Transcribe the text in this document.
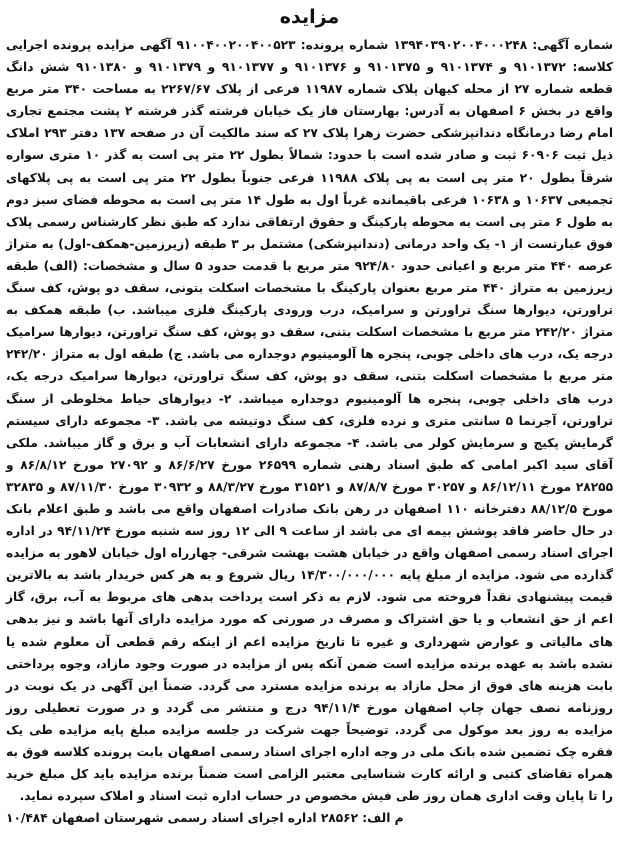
مزایده
شماره آگهی: ۱۳۹۴۰۳۹۰۲۰۰۴۰۰۰۲۴۸ شماره پرونده: ۹۱۰۰۴۰۰۲۰۰۴۰۰۵۲۳ آگهی مزایده پرونده اجرایی کلاسه: ۹۱۰۱۳۷۲ و ۹۱۰۱۳۷۴ و ۹۱۰۱۳۷۵ و ۹۱۰۱۳۷۶ و ۹۱۰۱۳۷۷ و ۹۱۰۱۳۷۹ و ۹۱۰۱۳۸۰ شش دانگ قطعه شماره ۲۷ از محله کیهان پلاک شماره ۱۱۹۸۷ فرعی از پلاک ۲۲۶۷/۶۷ به مساحت ۳۴۰ متر مربع واقع در بخش ۶ اصفهان به آدرس: بهارستان فاز یک خیابان فرشته گذر فرشته ۲ پشت مجتمع تجاری امام رضا درمانگاه دندانپزشکی حضرت زهرا پلاک ۲۷ که سند مالکیت آن در صفحه ۱۳۷ دفتر ۲۹۳ املاک ذیل ثبت ۶۰۹۰۶ ثبت و صادر شده است با حدود: شمالاً بطول ۲۲ متر پی است به گذر ۱۰ متری سواره شرقاً بطول ۲۰ متر پی است به پی پلاک ۱۱۹۸۸ فرعی جنوباً بطول ۲۲ متر پی است به پی پلاکهای تجمیعی ۱۰۶۳۷ و ۱۰۶۳۸ فرعی باقیمانده غرباً اول به طول ۱۴ متر پی است به محوطه فضای سبز دوم به طول ۶ متر پی است به محوطه پارکینگ و حقوق ارتفاقی ندارد که طبق نظر کارشناس رسمی پلاک فوق عبارتست از ۱- یک واحد درمانی (دندانپزشکی) مشتمل بر ۳ طبقه (زیرزمین-همکف-اول) به متراژ عرصه ۴۴۰ متر مربع و اعیانی حدود ۹۲۴/۸۰ متر مربع با قدمت حدود ۵ سال و مشخصات: (الف) طبقه زیرزمین به متراژ ۴۴۰ متر مربع بعنوان پارکینگ با مشخصات اسکلت بتونی، سقف دو پوش، کف سنگ تراورتن، دیوارها سنگ تراورتن و سرامیک، درب ورودی پارکینگ فلزی میباشد. ب) طبقه همکف به متراژ ۲۴۲/۲۰ متر مربع با مشخصات اسکلت بتنی، سقف دو پوش، کف سنگ تراورتن، دیوارها سرامیک درجه یک، درب های داخلی چوبی، پنجره ها آلومینیوم دوجداره می باشد. ج) طبقه اول به متراژ ۲۴۲/۲۰ متر مربع با مشخصات اسکلت بتنی، سقف دو پوش، کف سنگ تراورتن، دیوارها سرامیک درجه یک، درب های داخلی چوبی، پنجره ها آلومینیوم دوجداره میباشد. ۲- دیوارهای حیاط مخلوطی از سنگ تراورتن، آجرنما ۵ سانتی متری و نرده فلزی، کف سنگ دوتیشه می باشد. ۳- مجموعه دارای سیستم گرمایش پکیج و سرمایش کولر می باشد. ۴- مجموعه دارای انشعابات آب و برق و گاز میباشد. ملکی آقای سید اکبر امامی که طبق اسناد رهنی شماره ۲۶۵۹۹ مورخ ۸۶/۶/۲۷ و ۲۷۰۹۲ مورخ ۸۶/۸/۱۲ و ۲۸۲۵۵ مورخ ۸۶/۱۲/۱۱ و ۳۰۲۵۷ مورخ ۸۷/۸/۷ و ۳۱۵۲۱ مورخ ۸۸/۳/۲۷ و ۳۰۹۳۲ مورخ ۸۷/۱۱/۳۰ و ۳۲۸۳۵ مورخ ۸۸/۱۲/۵ دفترخانه ۱۱۰ اصفهان در رهن بانک صادرات اصفهان واقع می باشد و طبق اعلام بانک در حال حاضر فاقد پوشش بیمه ای می باشد از ساعت ۹ الی ۱۲ روز سه شنبه مورخ ۹۴/۱۱/۲۴ در اداره اجرای اسناد رسمی اصفهان واقع در خیابان هشت بهشت شرقی- چهارراه اول خیابان لاهور به مزایده گذارده می شود. مزایده از مبلغ پایه ۱۴/۳۰۰/۰۰۰/۰۰۰ ریال شروع و به هر کس خریدار باشد به بالاترین قیمت پیشنهادی نقداً فروخته می شود. لازم به ذکر است پرداخت بدهی های مربوط به آب، برق، گاز اعم از حق انشعاب و یا حق اشتراک و مصرف در صورتی که مورد مزایده دارای آنها باشد و نیز بدهی های مالیاتی و عوارض شهرداری و غیره تا تاریخ مزایده اعم از اینکه رقم قطعی آن معلوم شده یا نشده باشد به عهده برنده مزایده است ضمن آنکه پس از مزایده در صورت وجود مازاد، وجوه پرداختی بابت هزینه های فوق از محل مازاد به برنده مزایده مسترد می گردد. ضمناً این آگهی در یک نوبت در روزنامه نصف جهان چاپ اصفهان مورخ ۹۴/۱۱/۴ درج و منتشر می گردد و در صورت تعطیلی روز مزایده به روز بعد موکول می گردد. توضیحاً جهت شرکت در جلسه مزایده مبلغ پایه مزایده طی یک فقره چک تضمین شده بانک ملی در وجه اداره اجرای اسناد رسمی اصفهان بابت پرونده کلاسه فوق به همراه تقاضای کتبی و ارائه کارت شناسایی معتبر الزامی است ضمناً برنده مزایده باید کل مبلغ خرید را تا پایان وقت اداری همان روز طی فیش مخصوص در حساب اداره ثبت اسناد و املاک سپرده نماید.
م الف: ۲۸۵۶۲ اداره اجرای اسناد رسمی شهرستان اصفهان ۱۰/۴۸۴
